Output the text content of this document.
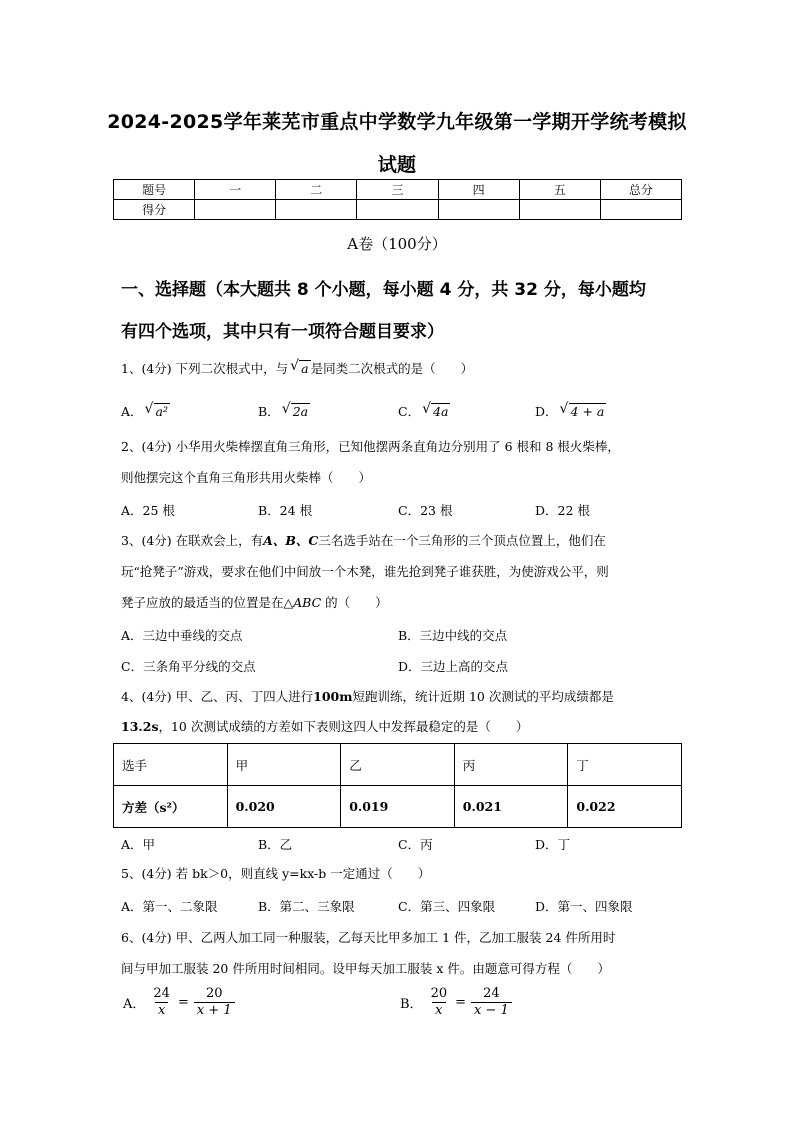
2024-2025学年莱芜市重点中学数学九年级第一学期开学统考模拟
试题
题号	一	二	三	四	五	总分
得分						
A卷（100分）
一、选择题（本大题共 8 个小题，每小题 4 分，共 32 分，每小题均
有四个选项，其中只有一项符合题目要求）
1、(4分) 下列二次根式中，与 √ a 是同类二次根式的是（　　）
A． √ a²	B． √ 2a	C． √ 4a	D． √ 4 + a
2、(4分) 小华用火柴棒摆直角三角形，已知他摆两条直角边分别用了 6 根和 8 根火柴棒，
则他摆完这个直角三角形共用火柴棒（　　）
A．25 根	B．24 根	C．23 根	D．22 根
3、(4分) 在联欢会上，有A、B、C三名选手站在一个三角形的三个顶点位置上，他们在
玩“抢凳子”游戏，要求在他们中间放一个木凳，谁先抢到凳子谁获胜，为使游戏公平，则
凳子应放的最适当的位置是在△ABC 的（　　）
A．三边中垂线的交点	B．三边中线的交点
C．三条角平分线的交点	D．三边上高的交点
4、(4分) 甲、乙、丙、丁四人进行100m短跑训练，统计近期 10 次测试的平均成绩都是
13.2s，10 次测试成绩的方差如下表则这四人中发挥最稳定的是（　　）
选手	甲	乙	丙	丁
方差（s²）	0.020	0.019	0.021	0.022
A．甲	B．乙	C．丙	D．丁
5、(4分) 若 bk＞0，则直线 y=kx-b 一定通过（　　）
A．第一、二象限	B．第二、三象限	C．第三、四象限	D．第一、四象限
6、(4分) 甲、乙两人加工同一种服装，乙每天比甲多加工 1 件，乙加工服装 24 件所用时
间与甲加工服装 20 件所用时间相同。设甲每天加工服装 x 件。由题意可得方程（　　）
A． $\frac{24}{x} = \frac{20}{x + 1}$	B． $\frac{20}{x} = \frac{24}{x - 1}$
